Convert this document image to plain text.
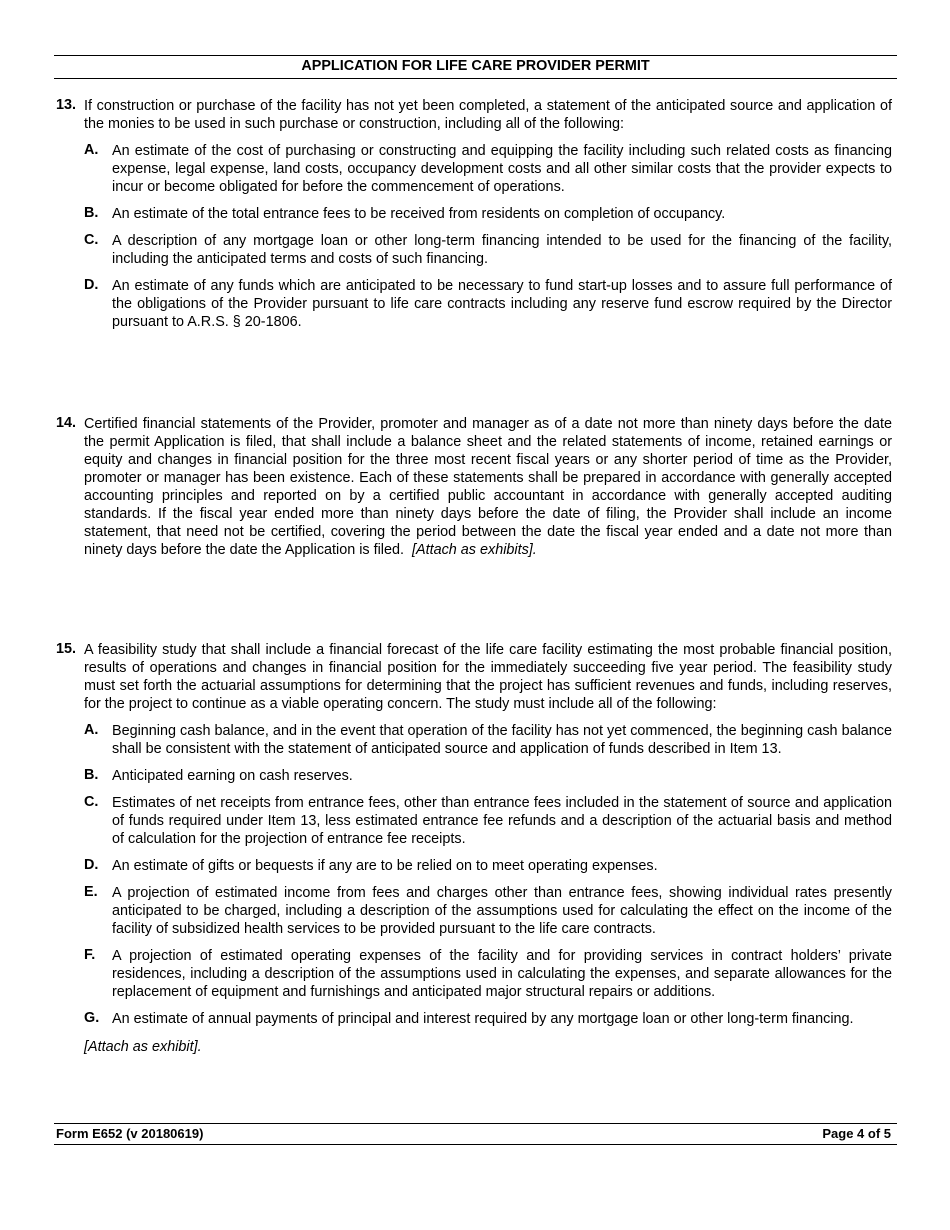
APPLICATION FOR LIFE CARE PROVIDER PERMIT
13. If construction or purchase of the facility has not yet been completed, a statement of the anticipated source and application of the monies to be used in such purchase or construction, including all of the following:
A. An estimate of the cost of purchasing or constructing and equipping the facility including such related costs as financing expense, legal expense, land costs, occupancy development costs and all other similar costs that the provider expects to incur or become obligated for before the commencement of operations.
B. An estimate of the total entrance fees to be received from residents on completion of occupancy.
C. A description of any mortgage loan or other long-term financing intended to be used for the financing of the facility, including the anticipated terms and costs of such financing.
D. An estimate of any funds which are anticipated to be necessary to fund start-up losses and to assure full performance of the obligations of the Provider pursuant to life care contracts including any reserve fund escrow required by the Director pursuant to A.R.S. § 20-1806.
14. Certified financial statements of the Provider, promoter and manager as of a date not more than ninety days before the date the permit Application is filed, that shall include a balance sheet and the related statements of income, retained earnings or equity and changes in financial position for the three most recent fiscal years or any shorter period of time as the Provider, promoter or manager has been existence. Each of these statements shall be prepared in accordance with generally accepted accounting principles and reported on by a certified public accountant in accordance with generally accepted auditing standards. If the fiscal year ended more than ninety days before the date of filing, the Provider shall include an income statement, that need not be certified, covering the period between the date the fiscal year ended and a date not more than ninety days before the date the Application is filed. [Attach as exhibits].
15. A feasibility study that shall include a financial forecast of the life care facility estimating the most probable financial position, results of operations and changes in financial position for the immediately succeeding five year period. The feasibility study must set forth the actuarial assumptions for determining that the project has sufficient revenues and funds, including reserves, for the project to continue as a viable operating concern. The study must include all of the following:
A. Beginning cash balance, and in the event that operation of the facility has not yet commenced, the beginning cash balance shall be consistent with the statement of anticipated source and application of funds described in Item 13.
B. Anticipated earning on cash reserves.
C. Estimates of net receipts from entrance fees, other than entrance fees included in the statement of source and application of funds required under Item 13, less estimated entrance fee refunds and a description of the actuarial basis and method of calculation for the projection of entrance fee receipts.
D. An estimate of gifts or bequests if any are to be relied on to meet operating expenses.
E. A projection of estimated income from fees and charges other than entrance fees, showing individual rates presently anticipated to be charged, including a description of the assumptions used for calculating the effect on the income of the facility of subsidized health services to be provided pursuant to the life care contracts.
F.	A projection of estimated operating expenses of the facility and for providing services in contract holders’ private residences, including a description of the assumptions used in calculating the expenses, and separate allowances for the replacement of equipment and furnishings and anticipated major structural repairs or additions.
G. An estimate of annual payments of principal and interest required by any mortgage loan or other long-term financing.
[Attach as exhibit].
Form E652 (v 20180619)	Page 4 of 5
